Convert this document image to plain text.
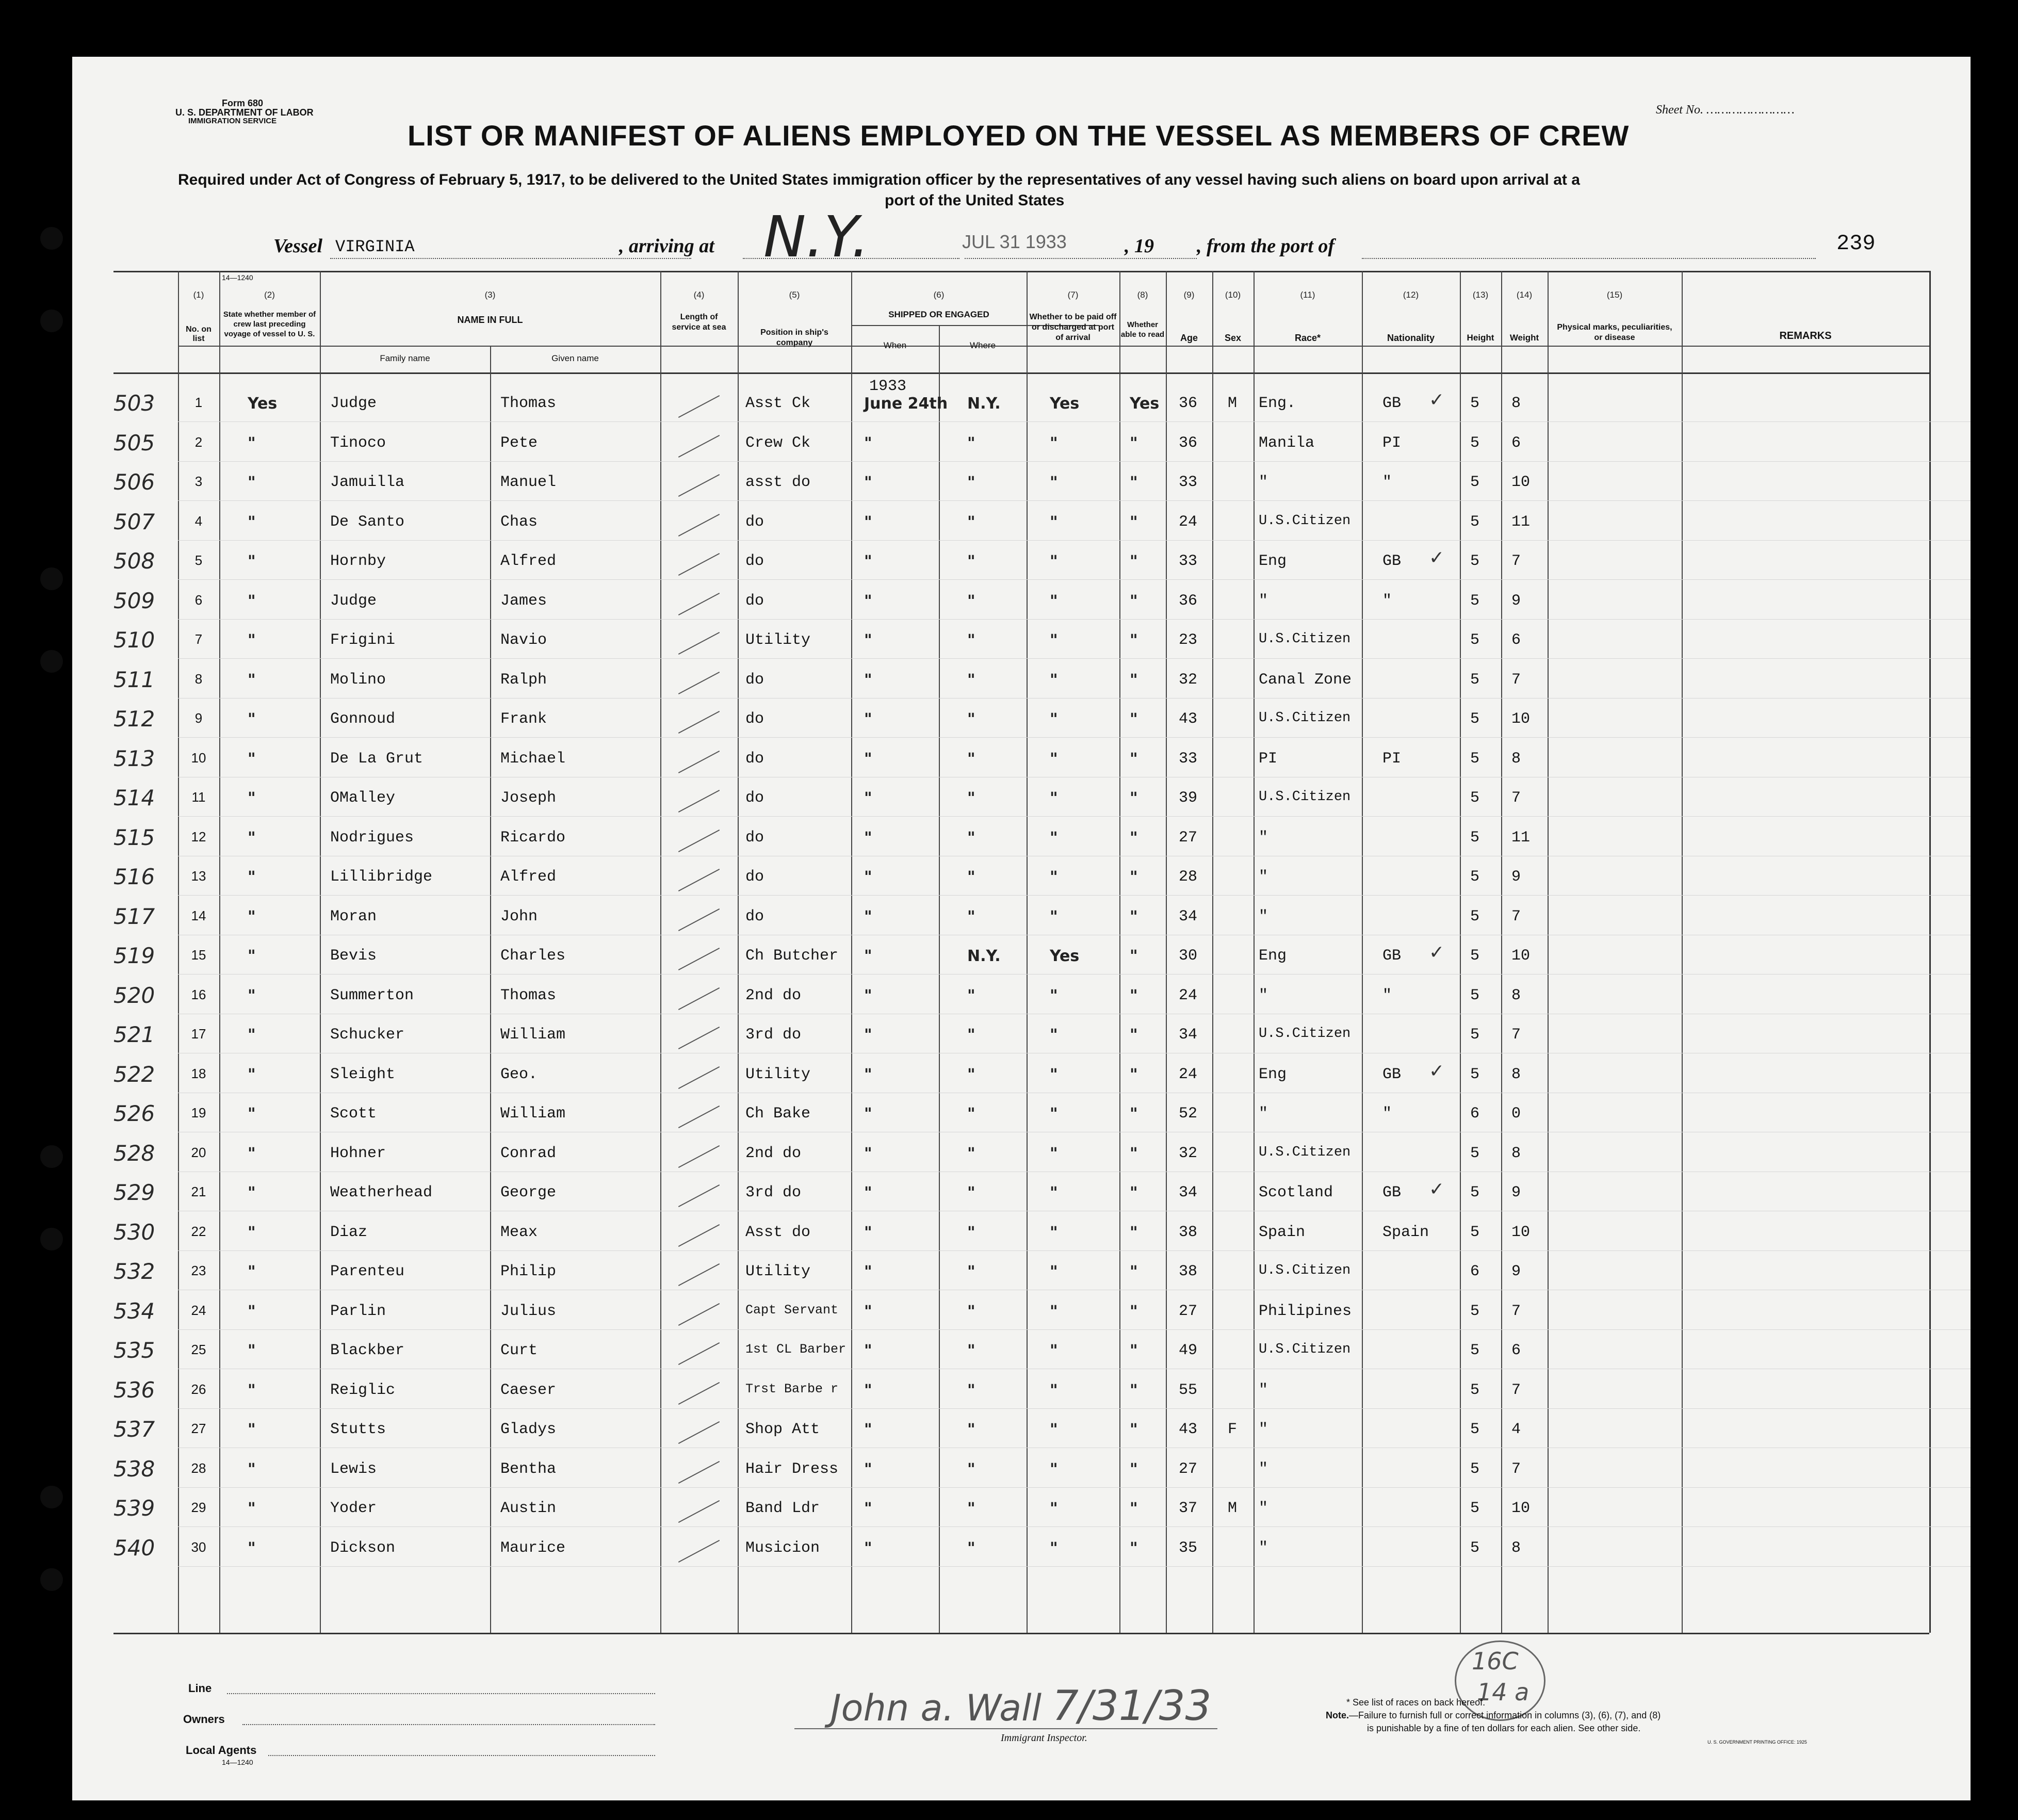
Form 680
U. S. DEPARTMENT OF LABOR
IMMIGRATION SERVICE
Sheet No. ……………………
LIST OR MANIFEST OF ALIENS EMPLOYED ON THE VESSEL AS MEMBERS OF CREW
Required under Act of Congress of February 5, 1917, to be delivered to the United States immigration officer by the representatives of any vessel having such aliens on board upon arrival at a
port of the United States
Vessel VIRGINIA	, arriving at N.Y.	JUL 31 1933	, 19 , from the port of	239
14—1240
(1)	(2)	(3)	(4)	(5)	(6)	(7)	(8)	(9)	(10)	(11)	(12)	(13)	(14)	(15)
No. on list
State whether member of crew last preceding voyage of vessel to U. S.
NAME IN FULL
Family name	Given name
Length of service at sea
Position in ship's company
SHIPPED OR ENGAGED
When	Where
Whether to be paid off or discharged at port of arrival
Whether able to read	Age	Sex	Race*	Nationality	Height	Weight
Physical marks, peculiarities, or disease	REMARKS
1933
503	1	Yes	Judge	Thomas	Asst Ck	June 24th N.Y.	Yes	Yes 36 M Eng.	GB	5 8
✓
505	2	"	Tinoco	Pete	Crew Ck	"	"	"	"	36	Manila	PI	5 6
506	3	"	Jamuilla	Manuel	asst do	"	"	"	"	33	"	"	5 10
507	4	"	De Santo	Chas	do	"	"	"	"	24	U.S.Citizen	5 11
508	5	"	Hornby	Alfred	do	"	"	"	"	33	Eng	GB	5 7
✓
509	6	"	Judge	James	do	"	"	"	"	36	"	"	5 9
510	7	"	Frigini	Navio	Utility	"	"	"	"	23	U.S.Citizen	5 6
511	8	"	Molino	Ralph	do	"	"	"	"	32	Canal Zone	5 7
512	9	"	Gonnoud	Frank	do	"	"	"	"	43	U.S.Citizen	5 10
513	10	"	De La Grut	Michael	do	"	"	"	"	33	PI	PI	5 8
514	11	"	OMalley	Joseph	do	"	"	"	"	39	U.S.Citizen	5 7
515	12	"	Nodrigues	Ricardo	do	"	"	"	"	27	"	5 11
516	13	"	Lillibridge	Alfred	do	"	"	"	"	28	"	5 9
517	14	"	Moran	John	do	"	"	"	"	34	"	5 7
519	15	"	Bevis	Charles	Ch Butcher "	N.Y.	Yes	"	30	Eng	GB	5 10
✓
520	16	"	Summerton	Thomas	2nd do	"	"	"	"	24	"	"	5 8
521	17	"	Schucker	William	3rd do	"	"	"	"	34	U.S.Citizen	5 7
522	18	"	Sleight	Geo.	Utility	"	"	"	"	24	Eng	GB	5 8
✓
526	19	"	Scott	William	Ch Bake	"	"	"	"	52	"	"	6 0
528	20	"	Hohner	Conrad	2nd do	"	"	"	"	32	U.S.Citizen	5 8
529	21	"	Weatherhead	George	3rd do	"	"	"	"	34	Scotland	GB	5 9
✓
530	22	"	Diaz	Meax	Asst do	"	"	"	"	38	Spain	Spain	5 10
532	23	"	Parenteu	Philip	Utility	"	"	"	"	38	U.S.Citizen	6 9
534	24	"	Parlin	Julius	Capt Servant "	"	"	"	27	Philipines	5 7
535	25	"	Blackber	Curt	1st CL Barber "	"	"	"	49	U.S.Citizen	5 6
536	26	"	Reiglic	Caeser	Trst Barbe r "	"	"	"	55	"	5 7
537	27	"	Stutts	Gladys	Shop Att	"	"	"	"	43 F "	5 4
538	28	"	Lewis	Bentha	Hair Dress "	"	"	"	27	"	5 7
539	29	"	Yoder	Austin	Band Ldr	"	"	"	"	37 M "	5 10
540	30	"	Dickson	Maurice	Musicion	"	"	"	"	35	"	5 8
Line
Owners
Local Agents
14—1240
John a. Wall 7/31/33
Immigrant Inspector.
16C
14 a
* See list of races on back hereof.
Note.—Failure to furnish full or correct information in columns (3), (6), (7), and (8)
is punishable by a fine of ten dollars for each alien. See other side.
U. S. GOVERNMENT PRINTING OFFICE: 1925
